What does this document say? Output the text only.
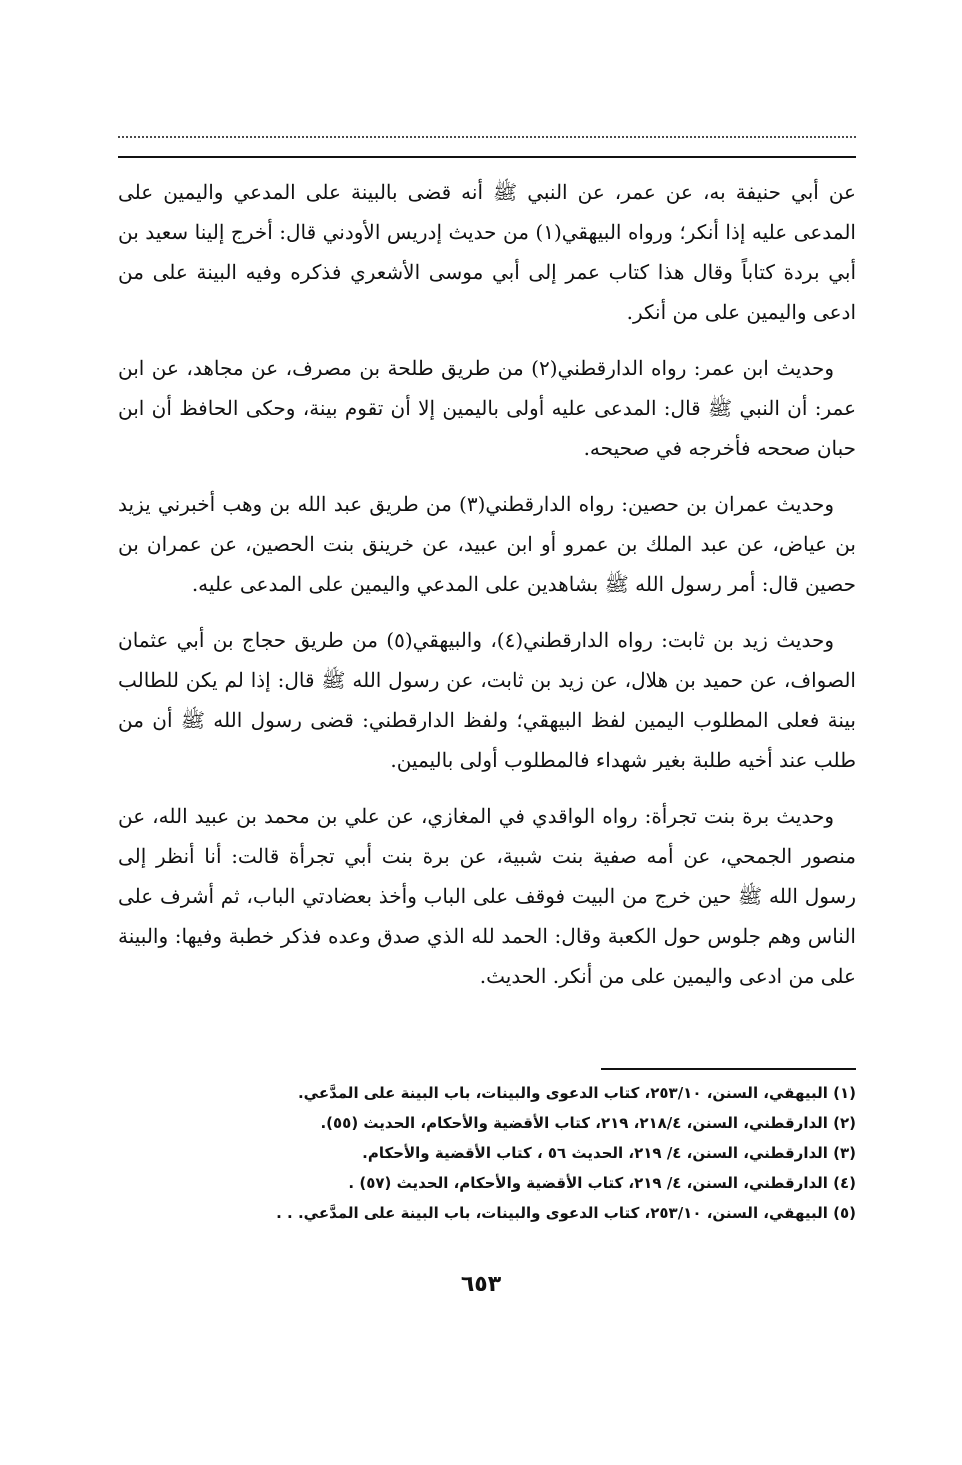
عن أبي حنيفة به، عن عمر، عن النبي ﷺ أنه قضى بالبينة على المدعي واليمين على المدعى عليه إذا أنكر؛ ورواه البيهقي(١) من حديث إدريس الأودني قال: أخرج إلينا سعيد بن أبي بردة كتاباً وقال هذا كتاب عمر إلى أبي موسى الأشعري فذكره وفيه البينة على من ادعى واليمين على من أنكر.

وحديث ابن عمر: رواه الدارقطني(٢) من طريق طلحة بن مصرف، عن مجاهد، عن ابن عمر: أن النبي ﷺ قال: المدعى عليه أولى باليمين إلا أن تقوم بينة، وحكى الحافظ أن ابن حبان صححه فأخرجه في صحيحه.

وحديث عمران بن حصين: رواه الدارقطني(٣) من طريق عبد الله بن وهب أخبرني يزيد بن عياض، عن عبد الملك بن عمرو أو ابن عبيد، عن خرينق بنت الحصين، عن عمران بن حصين قال: أمر رسول الله ﷺ بشاهدين على المدعي واليمين على المدعى عليه.

وحديث زيد بن ثابت: رواه الدارقطني(٤)، والبيهقي(٥) من طريق حجاج بن أبي عثمان الصواف، عن حميد بن هلال، عن زيد بن ثابت، عن رسول الله ﷺ قال: إذا لم يكن للطالب بينة فعلى المطلوب اليمين لفظ البيهقي؛ ولفظ الدارقطني: قضى رسول الله ﷺ أن من طلب عند أخيه طلبة بغير شهداء فالمطلوب أولى باليمين.

وحديث برة بنت تجرأة: رواه الواقدي في المغازي، عن علي بن محمد بن عبيد الله، عن منصور الجمحي، عن أمه صفية بنت شبية، عن برة بنت أبي تجرأة قالت: أنا أنظر إلى رسول الله ﷺ حين خرج من البيت فوقف على الباب وأخذ بعضادتي الباب، ثم أشرف على الناس وهم جلوس حول الكعبة وقال: الحمد لله الذي صدق وعده فذكر خطبة وفيها: والبينة على من ادعى واليمين على من أنكر. الحديث.

(١) البيهقي، السنن، ٢٥٣/١٠، كتاب الدعوى والبينات، باب البينة على المدَّعي.

(٢) الدارقطني، السنن، ٢١٨/٤، ٢١٩، كتاب الأقضية والأحكام، الحديث (٥٥).

(٣) الدارقطني، السنن، ٤/ ٢١٩، الحديث ٥٦ ، كتاب الأقضية والأحكام.

(٤) الدارقطني، السنن، ٤/ ٢١٩، كتاب الأقضية والأحكام، الحديث (٥٧) .

(٥) البيهقي، السنن، ٢٥٣/١٠، كتاب الدعوى والبينات، باب البينة على المدَّعي. . .

٦٥٣
